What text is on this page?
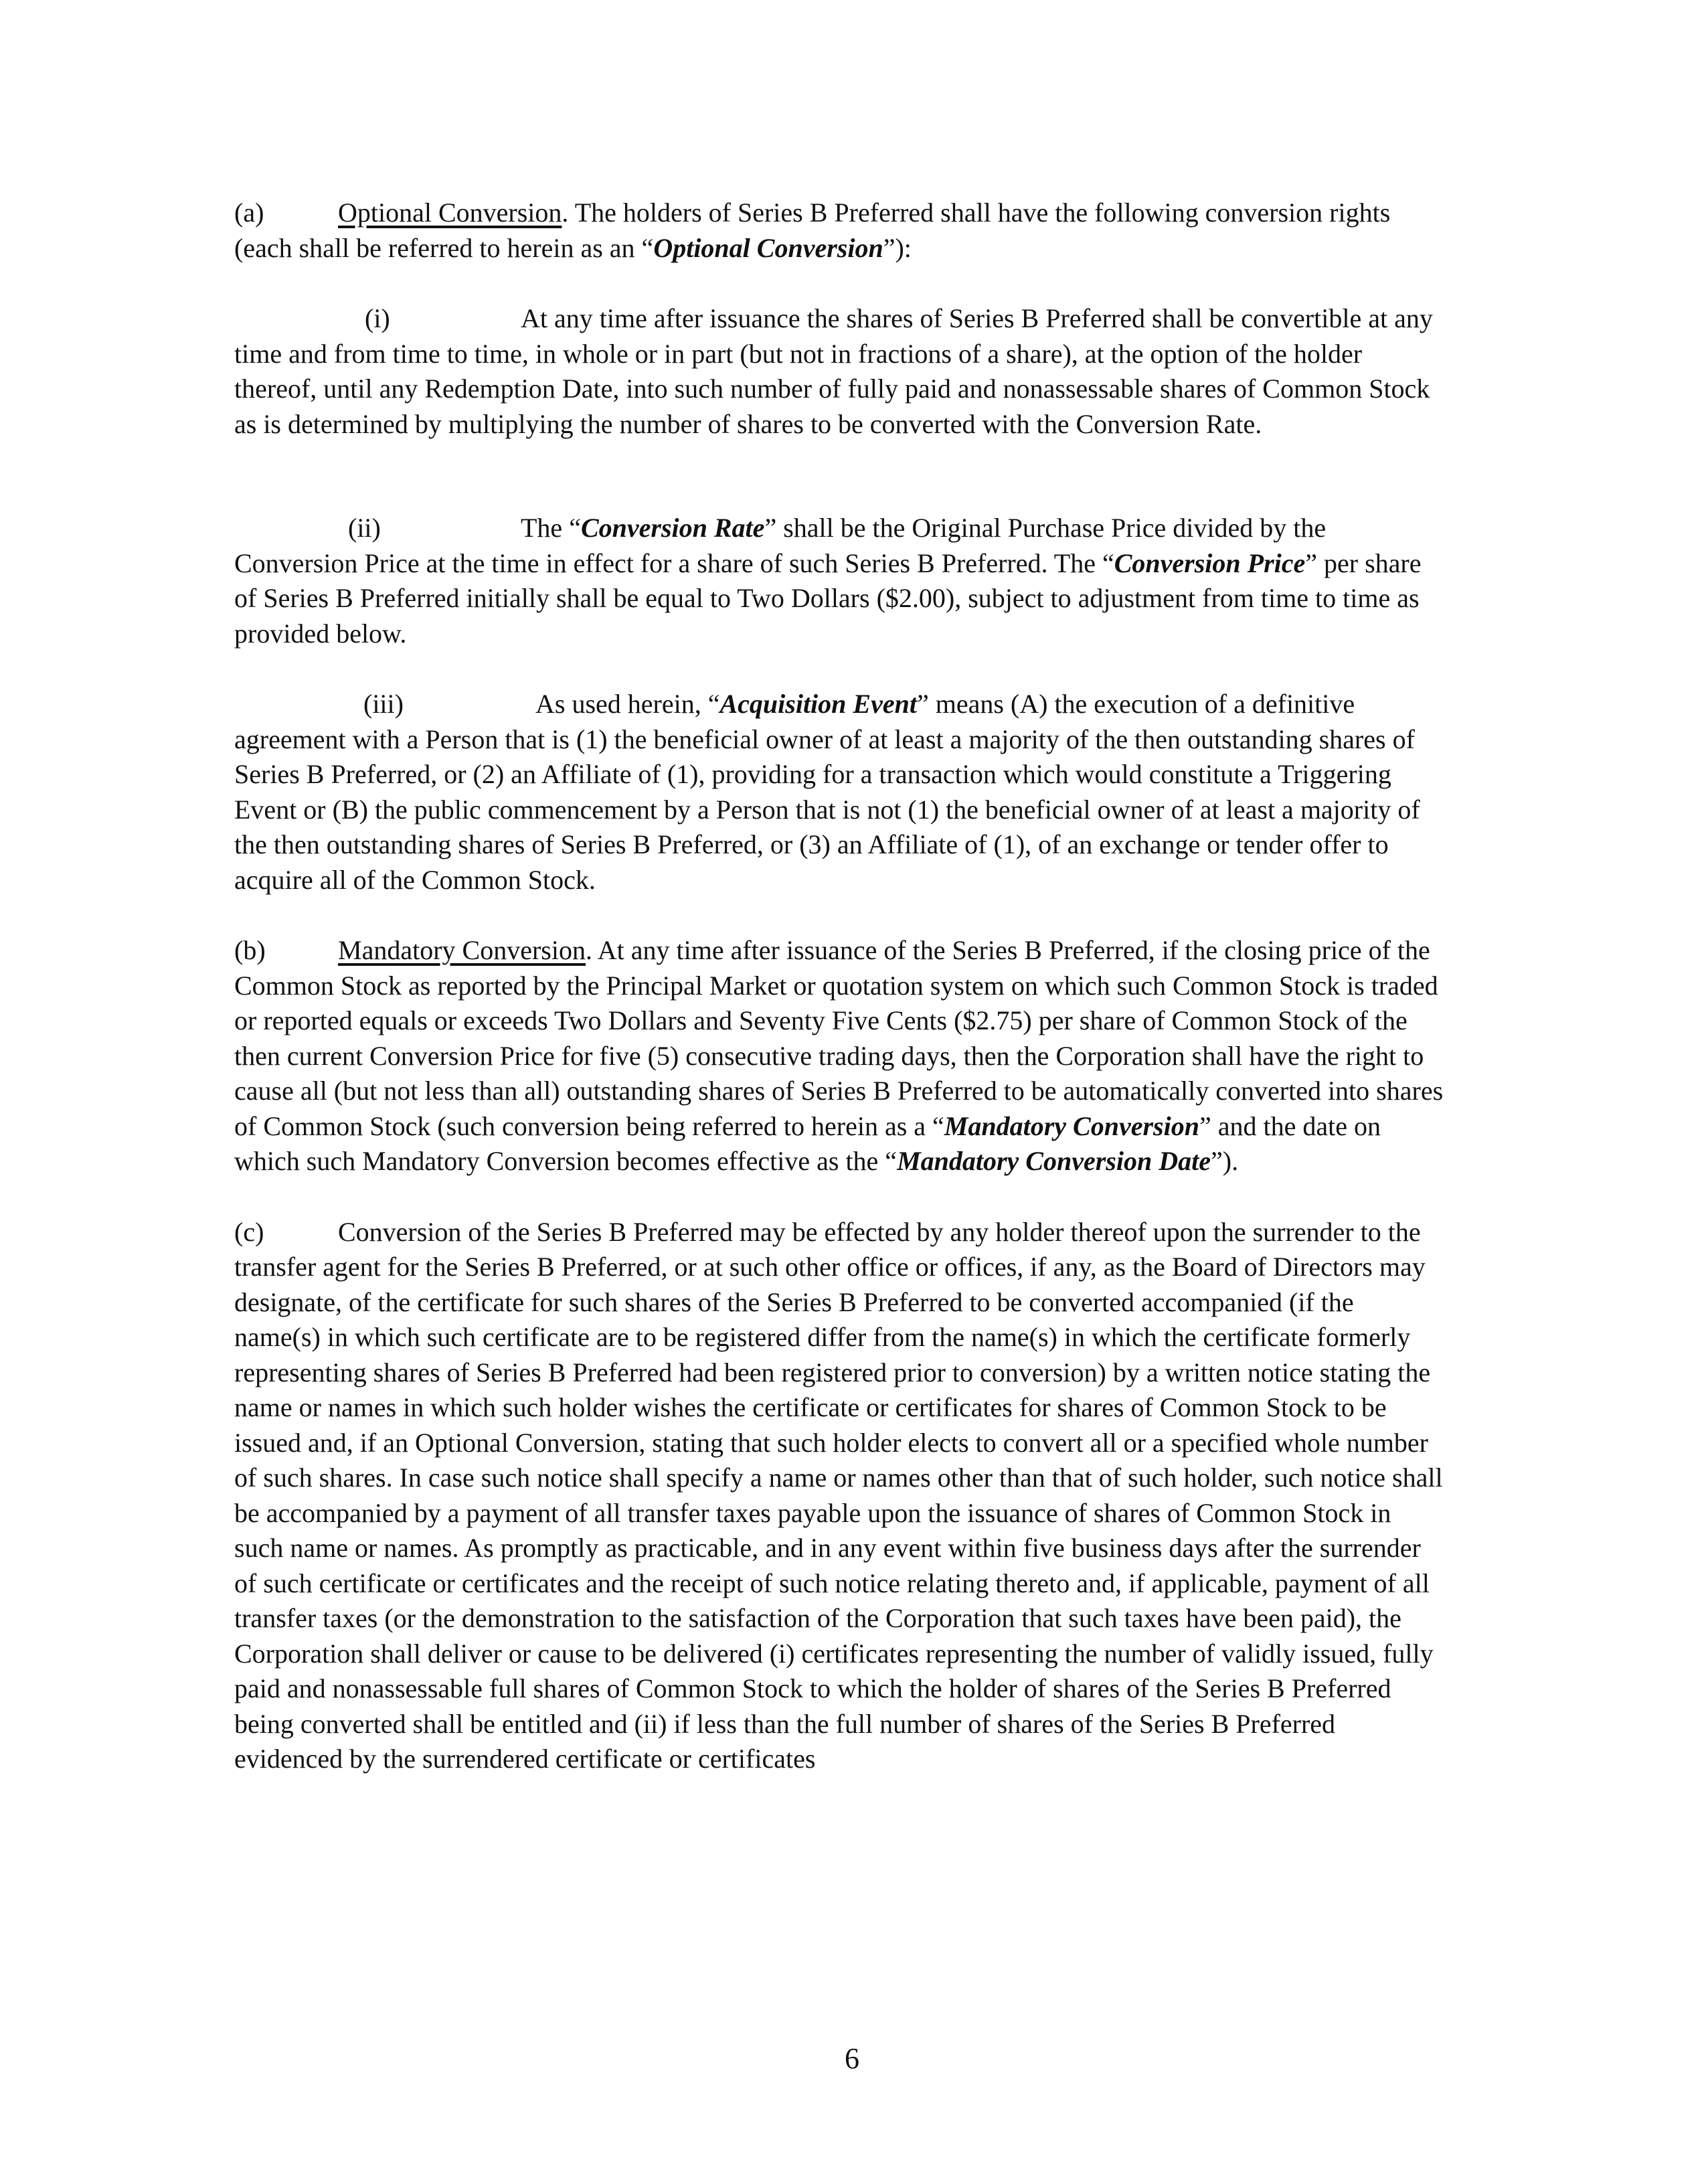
(a)	Optional Conversion. The holders of Series B Preferred shall have the following conversion rights (each shall be referred to herein as an “Optional Conversion”):

(i)	At any time after issuance the shares of Series B Preferred shall be convertible at any time and from time to time, in whole or in part (but not in fractions of a share), at the option of the holder thereof, until any Redemption Date, into such number of fully paid and nonassessable shares of Common Stock as is determined by multiplying the number of shares to be converted with the Conversion Rate.

(ii)	The “Conversion Rate” shall be the Original Purchase Price divided by the Conversion Price at the time in effect for a share of such Series B Preferred. The “Conversion Price” per share of Series B Preferred initially shall be equal to Two Dollars ($2.00), subject to adjustment from time to time as provided below.

(iii)	As used herein, “Acquisition Event” means (A) the execution of a definitive agreement with a Person that is (1) the beneficial owner of at least a majority of the then outstanding shares of Series B Preferred, or (2) an Affiliate of (1), providing for a transaction which would constitute a Triggering Event or (B) the public commencement by a Person that is not (1) the beneficial owner of at least a majority of the then outstanding shares of Series B Preferred, or (3) an Affiliate of (1), of an exchange or tender offer to acquire all of the Common Stock.

(b)	Mandatory Conversion. At any time after issuance of the Series B Preferred, if the closing price of the Common Stock as reported by the Principal Market or quotation system on which such Common Stock is traded or reported equals or exceeds Two Dollars and Seventy Five Cents ($2.75) per share of Common Stock of the then current Conversion Price for five (5) consecutive trading days, then the Corporation shall have the right to cause all (but not less than all) outstanding shares of Series B Preferred to be automatically converted into shares of Common Stock (such conversion being referred to herein as a “Mandatory Conversion” and the date on which such Mandatory Conversion becomes effective as the “Mandatory Conversion Date”).

(c)	Conversion of the Series B Preferred may be effected by any holder thereof upon the surrender to the transfer agent for the Series B Preferred, or at such other office or offices, if any, as the Board of Directors may designate, of the certificate for such shares of the Series B Preferred to be converted accompanied (if the name(s) in which such certificate are to be registered differ from the name(s) in which the certificate formerly representing shares of Series B Preferred had been registered prior to conversion) by a written notice stating the name or names in which such holder wishes the certificate or certificates for shares of Common Stock to be issued and, if an Optional Conversion, stating that such holder elects to convert all or a specified whole number of such shares. In case such notice shall specify a name or names other than that of such holder, such notice shall be accompanied by a payment of all transfer taxes payable upon the issuance of shares of Common Stock in such name or names. As promptly as practicable, and in any event within five business days after the surrender of such certificate or certificates and the receipt of such notice relating thereto and, if applicable, payment of all transfer taxes (or the demonstration to the satisfaction of the Corporation that such taxes have been paid), the Corporation shall deliver or cause to be delivered (i) certificates representing the number of validly issued, fully paid and nonassessable full shares of Common Stock to which the holder of shares of the Series B Preferred being converted shall be entitled and (ii) if less than the full number of shares of the Series B Preferred evidenced by the surrendered certificate or certificates

6
